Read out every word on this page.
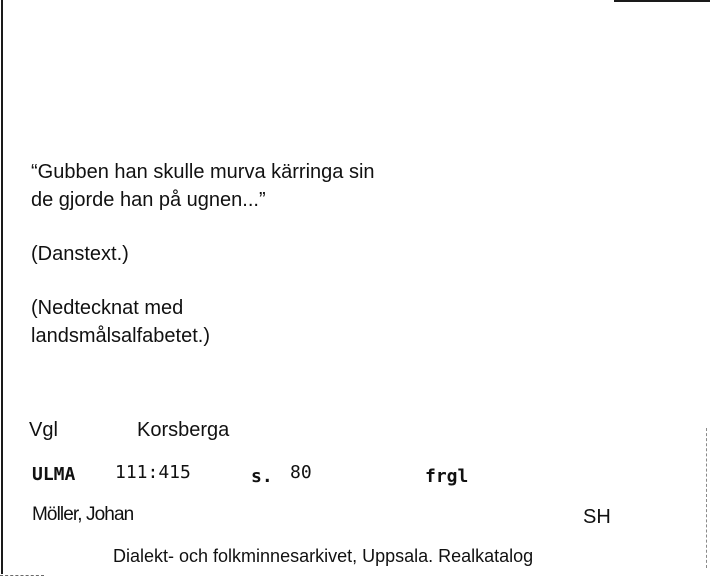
“Gubben han skulle murva kärringa sin
de gjorde han på ugnen...”
(Danstext.)
(Nedtecknat med
landsmålsalfabetet.)
Vgl	Korsberga
ULMA 111:415	s. 80	frgl
Möller, Johan	SH
Dialekt- och folkminnesarkivet, Uppsala. Realkatalog
